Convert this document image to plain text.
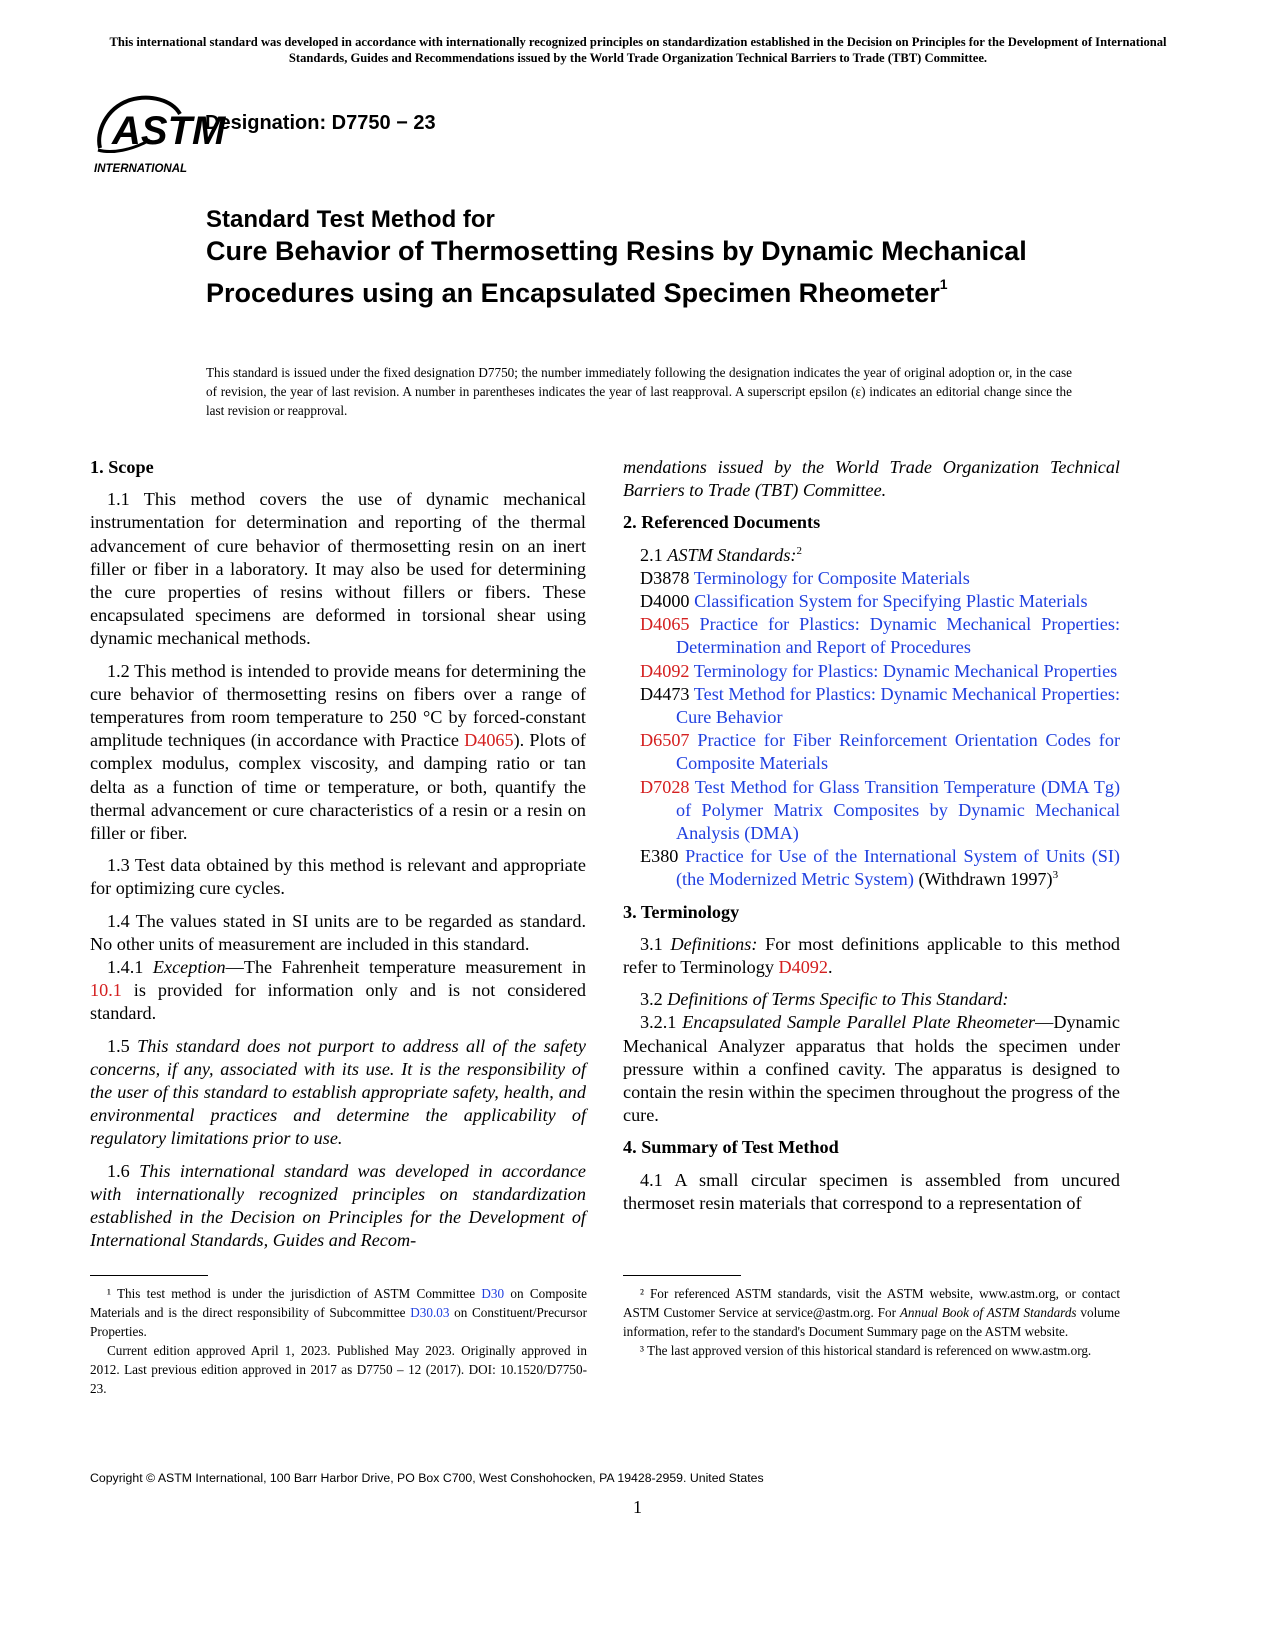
This international standard was developed in accordance with internationally recognized principles on standardization established in the Decision on Principles for the Development of International Standards, Guides and Recommendations issued by the World Trade Organization Technical Barriers to Trade (TBT) Committee.
ASTM
INTERNATIONAL
Designation: D7750 − 23
Standard Test Method for
Cure Behavior of Thermosetting Resins by Dynamic Mechanical Procedures using an Encapsulated Specimen Rheometer$^1$
This standard is issued under the fixed designation D7750; the number immediately following the designation indicates the year of original adoption or, in the case of revision, the year of last revision. A number in parentheses indicates the year of last reapproval. A superscript epsilon (ε) indicates an editorial change since the last revision or reapproval.
1. Scope
1.1 This method covers the use of dynamic mechanical instrumentation for determination and reporting of the thermal advancement of cure behavior of thermosetting resin on an inert filler or fiber in a laboratory. It may also be used for determining the cure properties of resins without fillers or fibers. These encapsulated specimens are deformed in torsional shear using dynamic mechanical methods.
1.2 This method is intended to provide means for determining the cure behavior of thermosetting resins on fibers over a range of temperatures from room temperature to 250 °C by forced-constant amplitude techniques (in accordance with Practice D4065). Plots of complex modulus, complex viscosity, and damping ratio or tan delta as a function of time or temperature, or both, quantify the thermal advancement or cure characteristics of a resin or a resin on filler or fiber.
1.3 Test data obtained by this method is relevant and appropriate for optimizing cure cycles.
1.4 The values stated in SI units are to be regarded as standard. No other units of measurement are included in this standard.
1.4.1 Exception—The Fahrenheit temperature measurement in 10.1 is provided for information only and is not considered standard.
1.5 This standard does not purport to address all of the safety concerns, if any, associated with its use. It is the responsibility of the user of this standard to establish appropriate safety, health, and environmental practices and determine the applicability of regulatory limitations prior to use.
1.6 This international standard was developed in accordance with internationally recognized principles on standardization established in the Decision on Principles for the Development of International Standards, Guides and Recom-
mendations issued by the World Trade Organization Technical Barriers to Trade (TBT) Committee.
2. Referenced Documents
2.1 ASTM Standards:$^2$
D3878 Terminology for Composite Materials
D4000 Classification System for Specifying Plastic Materials
D4065 Practice for Plastics: Dynamic Mechanical Properties: Determination and Report of Procedures
D4092 Terminology for Plastics: Dynamic Mechanical Properties
D4473 Test Method for Plastics: Dynamic Mechanical Properties: Cure Behavior
D6507 Practice for Fiber Reinforcement Orientation Codes for Composite Materials
D7028 Test Method for Glass Transition Temperature (DMA Tg) of Polymer Matrix Composites by Dynamic Mechanical Analysis (DMA)
E380 Practice for Use of the International System of Units (SI) (the Modernized Metric System) (Withdrawn 1997)$^3$
3. Terminology
3.1 Definitions: For most definitions applicable to this method refer to Terminology D4092.
3.2 Definitions of Terms Specific to This Standard:
3.2.1 Encapsulated Sample Parallel Plate Rheometer—Dynamic Mechanical Analyzer apparatus that holds the specimen under pressure within a confined cavity. The apparatus is designed to contain the resin within the specimen throughout the progress of the cure.
4. Summary of Test Method
4.1 A small circular specimen is assembled from uncured thermoset resin materials that correspond to a representation of

¹ This test method is under the jurisdiction of ASTM Committee D30 on Composite Materials and is the direct responsibility of Subcommittee D30.03 on Constituent/Precursor Properties.

Current edition approved April 1, 2023. Published May 2023. Originally approved in 2012. Last previous edition approved in 2017 as D7750 – 12 (2017). DOI: 10.1520/D7750-23.

² For referenced ASTM standards, visit the ASTM website, www.astm.org, or contact ASTM Customer Service at service@astm.org. For Annual Book of ASTM Standards volume information, refer to the standard's Document Summary page on the ASTM website.

³ The last approved version of this historical standard is referenced on www.astm.org.

Copyright © ASTM International, 100 Barr Harbor Drive, PO Box C700, West Conshohocken, PA 19428-2959. United States
1
